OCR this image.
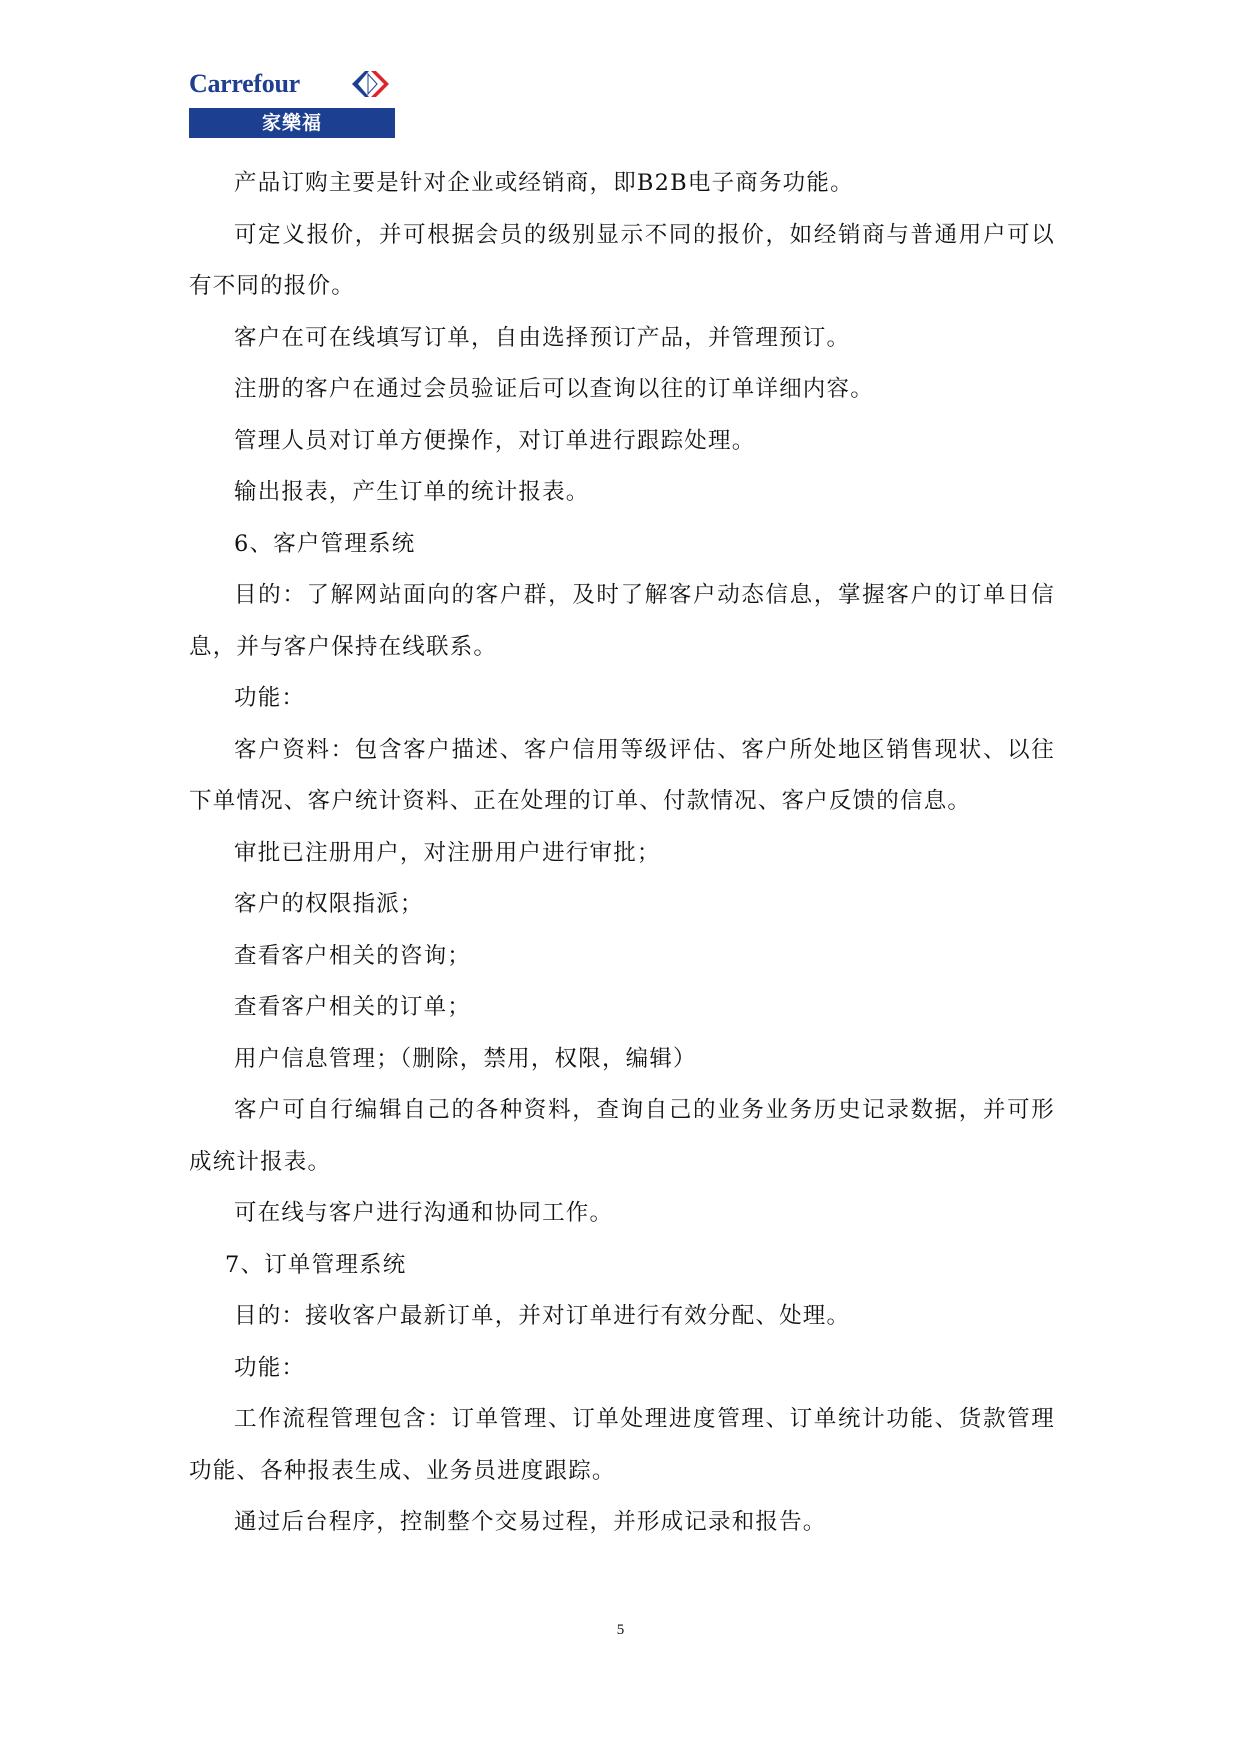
Carrefour
家樂福

产品订购主要是针对企业或经销商，即B2B电子商务功能。

可定义报价，并可根据会员的级别显示不同的报价，如经销商与普通用户可以有不同的报价。

客户在可在线填写订单，自由选择预订产品，并管理预订。

注册的客户在通过会员验证后可以查询以往的订单详细内容。

管理人员对订单方便操作，对订单进行跟踪处理。

输出报表，产生订单的统计报表。

6、客户管理系统

目的：了解网站面向的客户群，及时了解客户动态信息，掌握客户的订单日信息，并与客户保持在线联系。

功能：

客户资料：包含客户描述、客户信用等级评估、客户所处地区销售现状、以往下单情况、客户统计资料、正在处理的订单、付款情况、客户反馈的信息。

审批已注册用户，对注册用户进行审批；

客户的权限指派；

查看客户相关的咨询；

查看客户相关的订单；

用户信息管理；（删除，禁用，权限，编辑）

客户可自行编辑自己的各种资料，查询自己的业务业务历史记录数据，并可形成统计报表。

可在线与客户进行沟通和协同工作。

7、订单管理系统

目的：接收客户最新订单，并对订单进行有效分配、处理。

功能：

工作流程管理包含：订单管理、订单处理进度管理、订单统计功能、货款管理功能、各种报表生成、业务员进度跟踪。

通过后台程序，控制整个交易过程，并形成记录和报告。

5
